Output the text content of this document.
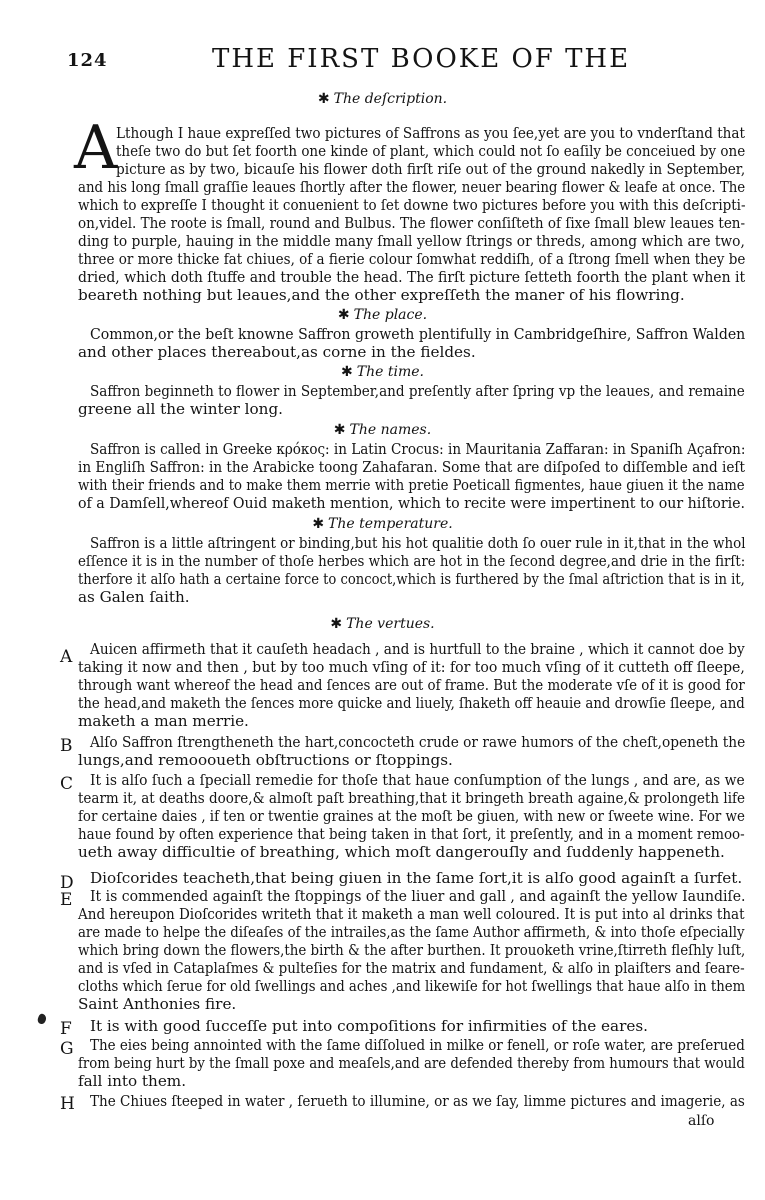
124	THE FIRST BOOKE OF THE
✱ The deſcription.
A
Lthough I haue expreſſed two pictures of Saffrons as you ſee,yet are you to vnderſtand that
theſe two do but ſet foorth one kinde of plant, which could not ſo eaſily be conceiued by one
picture as by two, bicauſe his flower doth firſt riſe out of the ground nakedly in September,
and his long ſmall graſſie leaues ſhortly after the flower, neuer bearing flower & leafe at once. The
which to expreſſe I thought it conuenient to ſet downe two pictures before you with this deſcripti-
on,videl. The roote is ſmall, round and Bulbus. The flower conſiſteth of ſixe ſmall blew leaues ten-
ding to purple, hauing in the middle many ſmall yellow ſtrings or threds, among which are two,
three or more thicke fat chiues, of a fierie colour ſomwhat reddiſh, of a ſtrong ſmell when they be
dried, which doth ſtuffe and trouble the head. The firſt picture ſetteth foorth the plant when it
beareth nothing but leaues,and the other expreſſeth the maner of his flowring.
✱ The place.
Common,or the beſt knowne Saffron groweth plentifully in Cambridgeſhire, Saffron Walden
and other places thereabout,as corne in the fieldes.
✱ The time.
Saffron beginneth to flower in September,and preſently after ſpring vp the leaues, and remaine
greene all the winter long.
✱ The names.
Saffron is called in Greeke κρόκος: in Latin Crocus: in Mauritania Zaffaran: in Spaniſh Açafron:
in Engliſh Saffron: in the Arabicke toong Zahafaran. Some that are diſpoſed to diſſemble and ieſt
with their friends and to make them merrie with pretie Poeticall figmentes, haue giuen it the name
of a Damſell,whereof Ouid maketh mention, which to recite were impertinent to our hiſtorie.
✱ The temperature.
Saffron is a little aſtringent or binding,but his hot qualitie doth ſo ouer rule in it,that in the whol
eſſence it is in the number of thoſe herbes which are hot in the ſecond degree,and drie in the firſt:
therfore it alſo hath a certaine force to concoct,which is furthered by the ſmal aſtriction that is in it,
as Galen ſaith.
✱ The vertues.
A Auicen affirmeth that it cauſeth headach , and is hurtfull to the braine , which it cannot doe by
taking it now and then , but by too much vſing of it: for too much vſing of it cutteth off ſleepe,
through want whereof the head and ſences are out of frame. But the moderate vſe of it is good for
the head,and maketh the ſences more quicke and liuely, ſhaketh off heauie and drowſie ſleepe, and
maketh a man merrie.
B Alſo Saffron ſtrengtheneth the hart,concocteth crude or rawe humors of the cheſt,openeth the
lungs,and remoooueth obſtructions or ſtoppings.
C It is alſo ſuch a ſpeciall remedie for thoſe that haue conſumption of the lungs , and are, as we
tearm it, at deaths doore,& almoſt paſt breathing,that it bringeth breath againe,& prolongeth life
for certaine daies , if ten or twentie graines at the moſt be giuen, with new or ſweete wine. For we
haue found by often experience that being taken in that ſort, it preſently, and in a moment remoo-
ueth away difficultie of breathing, which moſt dangerouſly and ſuddenly happeneth.
D Dioſcorides teacheth,that being giuen in the ſame ſort,it is alſo good againſt a ſurfet.
E It is commended againſt the ſtoppings of the liuer and gall , and againſt the yellow Iaundiſe.
And hereupon Dioſcorides writeth that it maketh a man well coloured. It is put into al drinks that
are made to helpe the diſeaſes of the intrailes,as the ſame Author affirmeth, & into thoſe eſpecially
which bring down the flowers,the birth & the after burthen. It prouoketh vrine,ſtirreth fleſhly luſt,
and is vſed in Cataplaſmes & pulteſies for the matrix and fundament, & alſo in plaiſters and ſeare-
cloths which ſerue for old ſwellings and aches ,and likewiſe for hot ſwellings that haue alſo in them
Saint Anthonies fire.
F It is with good ſucceſſe put into compoſitions for infirmities of the eares.
G The eies being annointed with the ſame diſſolued in milke or fenell, or roſe water, are preſerued
from being hurt by the ſmall poxe and meaſels,and are defended thereby from humours that would
fall into them.
H The Chiues ſteeped in water , ſerueth to illumine, or as we ſay, limme pictures and imagerie, as
alſo
